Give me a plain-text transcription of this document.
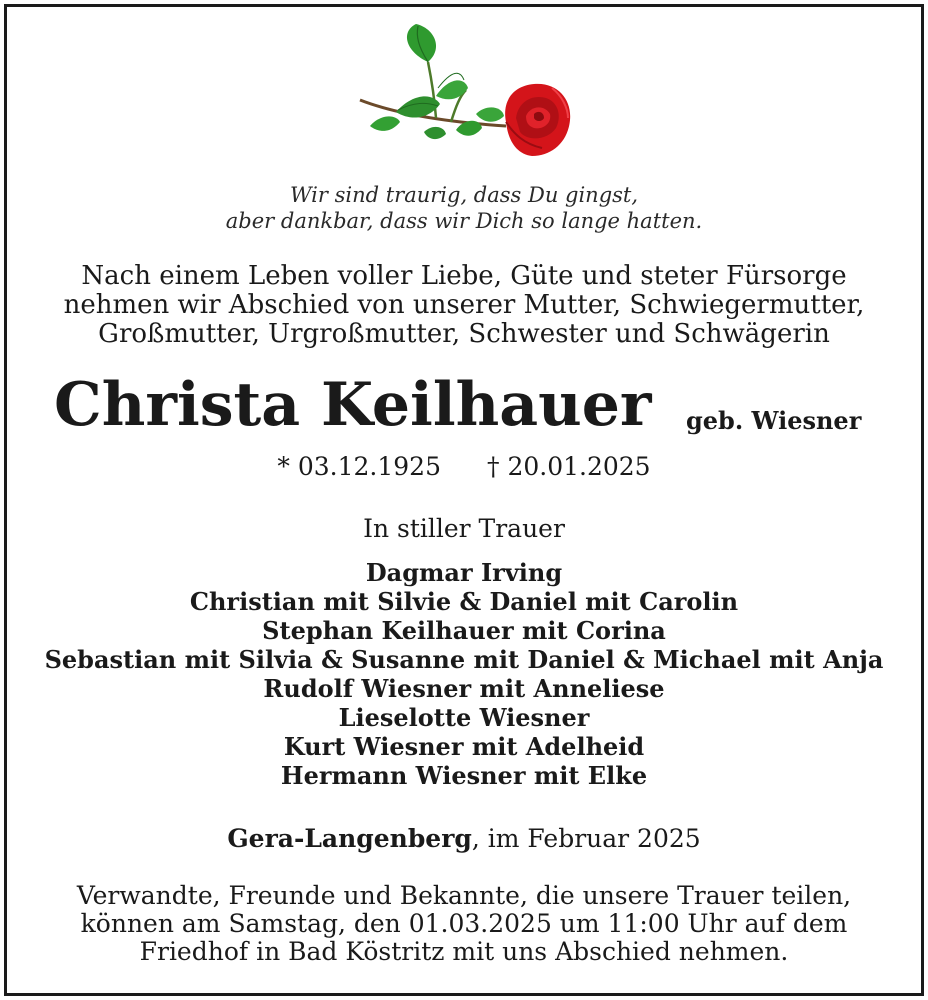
Wir sind traurig, dass Du gingst,
aber dankbar, dass wir Dich so lange hatten.
Nach einem Leben voller Liebe, Güte und steter Fürsorge
nehmen wir Abschied von unserer Mutter, Schwiegermutter,
Großmutter, Urgroßmutter, Schwester und Schwägerin
Christa Keilhauer geb. Wiesner
* 03.12.1925 † 20.01.2025
In stiller Trauer
Dagmar Irving
Christian mit Silvie & Daniel mit Carolin
Stephan Keilhauer mit Corina
Sebastian mit Silvia & Susanne mit Daniel & Michael mit Anja
Rudolf Wiesner mit Anneliese
Lieselotte Wiesner
Kurt Wiesner mit Adelheid
Hermann Wiesner mit Elke
Gera-Langenberg, im Februar 2025
Verwandte, Freunde und Bekannte, die unsere Trauer teilen,
können am Samstag, den 01.03.2025 um 11:00 Uhr auf dem
Friedhof in Bad Köstritz mit uns Abschied nehmen.
